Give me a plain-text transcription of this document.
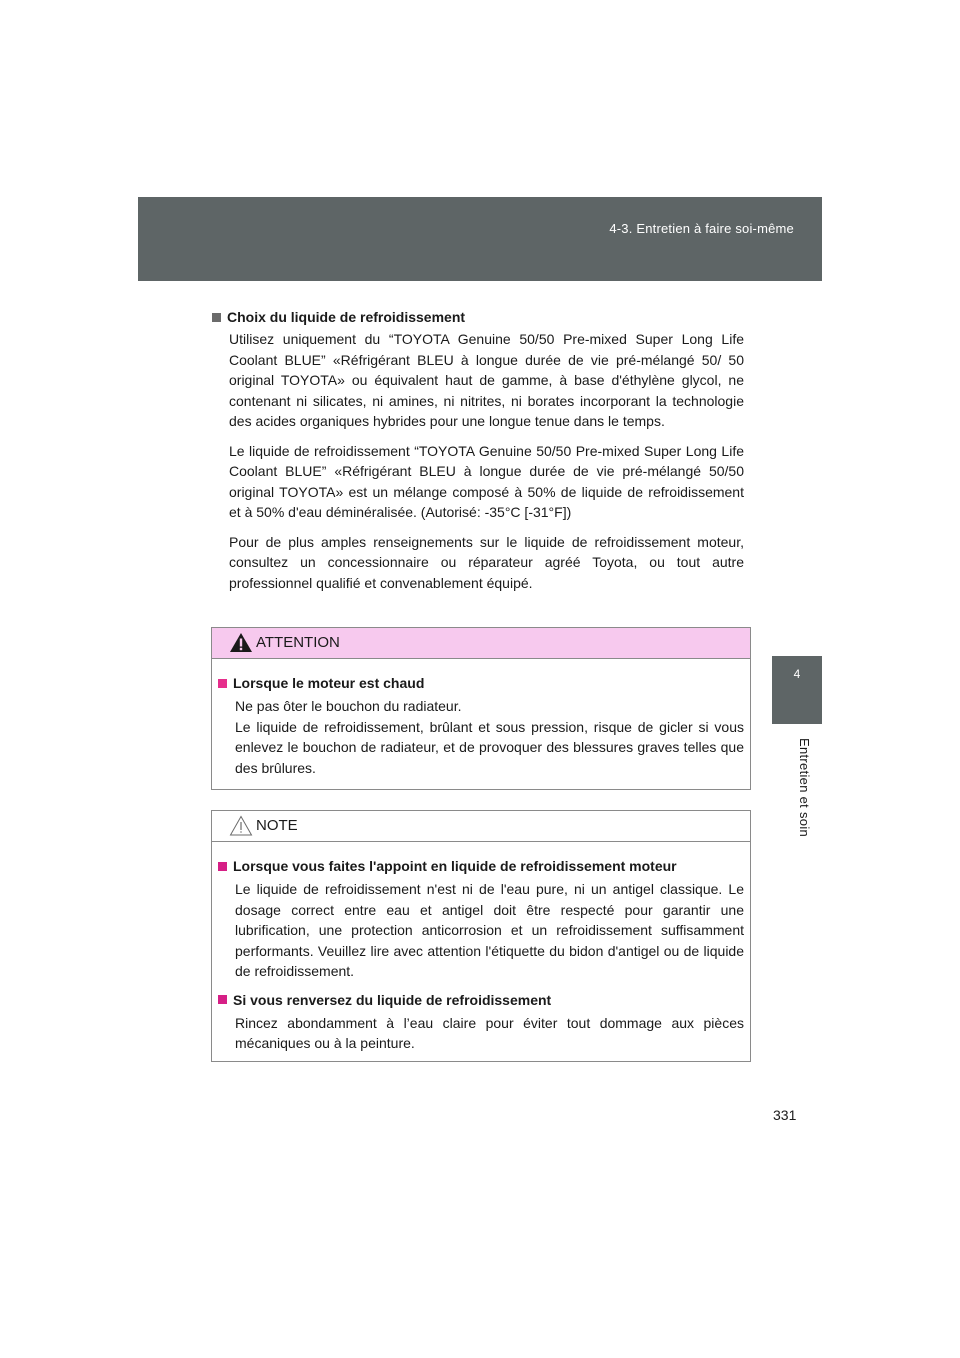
4-3. Entretien à faire soi-même
4
Entretien et soin

Choix du liquide de refroidissement

Utilisez uniquement du “TOYOTA Genuine 50/50 Pre-mixed Super Long Life Coolant BLUE” «Réfrigérant BLEU à longue durée de vie pré-mélangé 50/ 50 original TOYOTA» ou équivalent haut de gamme, à base d'éthylène glycol, ne contenant ni silicates, ni amines, ni nitrites, ni borates incorporant la technologie des acides organiques hybrides pour une longue tenue dans le temps.

Le liquide de refroidissement “TOYOTA Genuine 50/50 Pre-mixed Super Long Life Coolant BLUE” «Réfrigérant BLEU à longue durée de vie pré-mélangé 50/50 original TOYOTA» est un mélange composé à 50% de liquide de refroidissement et à 50% d'eau déminéralisée. (Autorisé: -35°C [-31°F])

Pour de plus amples renseignements sur le liquide de refroidissement moteur, consultez un concessionnaire ou réparateur agréé Toyota, ou tout autre professionnel qualifié et convenablement équipé.

ATTENTION

Lorsque le moteur est chaud

Ne pas ôter le bouchon du radiateur.

Le liquide de refroidissement, brûlant et sous pression, risque de gicler si vous enlevez le bouchon de radiateur, et de provoquer des blessures graves telles que des brûlures.

NOTE

Lorsque vous faites l'appoint en liquide de refroidissement moteur

Le liquide de refroidissement n'est ni de l'eau pure, ni un antigel classique. Le dosage correct entre eau et antigel doit être respecté pour garantir une lubrification, une protection anticorrosion et un refroidissement suffisamment performants. Veuillez lire avec attention l'étiquette du bidon d'antigel ou de liquide de refroidissement.

Si vous renversez du liquide de refroidissement

Rincez abondamment à l’eau claire pour éviter tout dommage aux pièces mécaniques ou à la peinture.

331
